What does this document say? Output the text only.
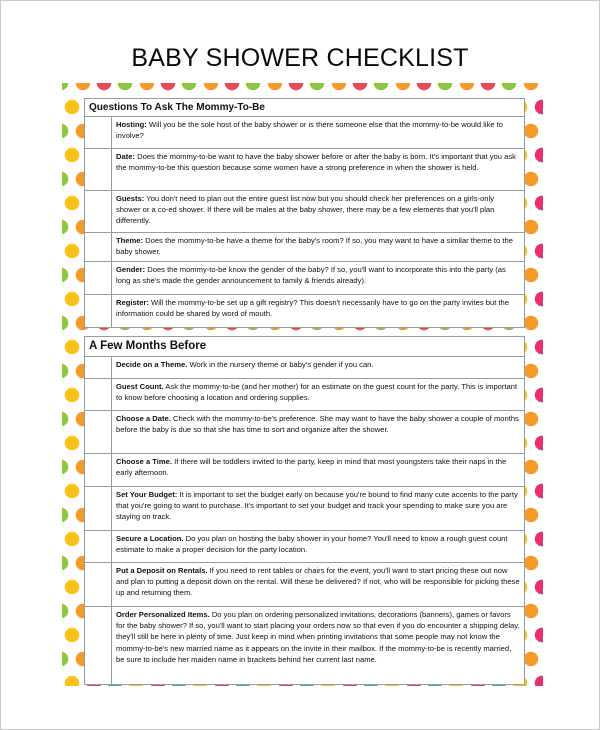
BABY SHOWER CHECKLIST
Questions To Ask The Mommy-To-Be
Hosting: Will you be the sole host of the baby shower or is there someone else that the mommy-to-be would like to involve?
Date: Does the mommy-to-be want to have the baby shower before or after the baby is born. It's important that you ask the mommy-to-be this question because some women have a strong preference in when the shower is held.
Guests: You don't need to plan out the entire guest list now but you should check her preferences on a girls-only shower or a co-ed shower. If there will be males at the baby shower, there may be a few elements that you'll plan differently.
Theme: Does the mommy-to-be have a theme for the baby's room? If so, you may want to have a similar theme to the baby shower.
Gender: Does the mommy-to-be know the gender of the baby? If so, you'll want to incorporate this into the party (as long as she's made the gender announcement to family & friends already).
Register: Will the mommy-to-be set up a gift registry? This doesn't necessarily have to go on the party invites but the information could be shared by word of mouth.
A Few Months Before
Decide on a Theme. Work in the nursery theme or baby's gender if you can.
Guest Count. Ask the mommy-to-be (and her mother) for an estimate on the guest count for the party. This is important to know before choosing a location and ordering supplies.
Choose a Date. Check with the mommy-to-be's preference. She may want to have the baby shower a couple of months before the baby is due so that she has time to sort and organize after the shower.
Choose a Time. If there will be toddlers invited to the party, keep in mind that most youngsters take their naps in the early afternoon.
Set Your Budget: It is important to set the budget early on because you're bound to find many cute accents to the party that you're going to want to purchase. It's important to set your budget and track your spending to make sure you are staying on track.
Secure a Location. Do you plan on hosting the baby shower in your home? You'll need to know a rough guest count estimate to make a proper decision for the party location.
Put a Deposit on Rentals. If you need to rent tables or chairs for the event, you'll want to start pricing these out now and plan to putting a deposit down on the rental. Will these be delivered? If not, who will be responsible for picking these up and returning them.
Order Personalized Items. Do you plan on ordering personalized invitations, decorations (banners), games or favors for the baby shower? If so, you'll want to start placing your orders now so that even if you do encounter a shipping delay, they'll still be here in plenty of time. Just keep in mind when printing invitations that some people may not know the mommy-to-be's new married name as it appears on the invite in their mailbox. If the mommy-to-be is recently married, be sure to include her maiden name in brackets behind her current last name.
